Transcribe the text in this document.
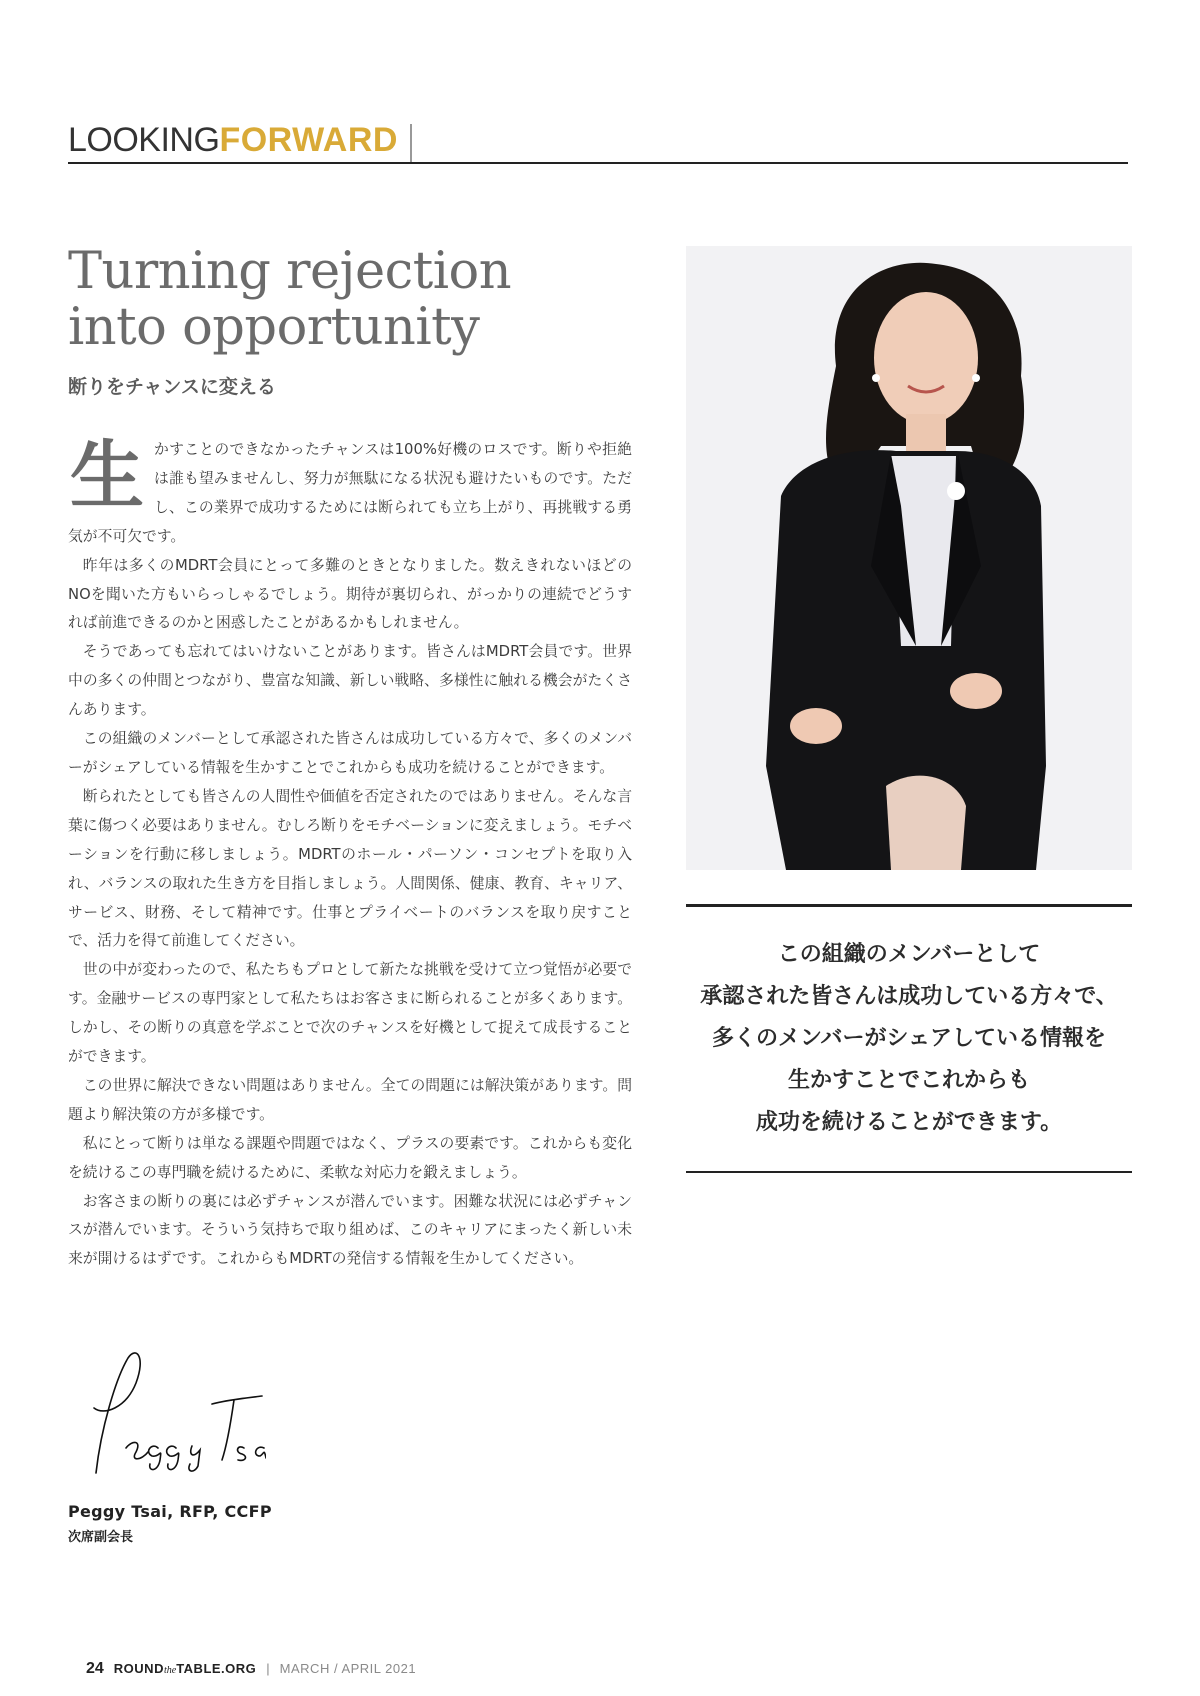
LOOKING FORWARD
Turning rejection
into opportunity
断りをチャンスに変える

生かすことのできなかったチャンスは100%好機のロスです。断りや拒絶は誰も望みませんし、努力が無駄になる状況も避けたいものです。ただし、この業界で成功するためには断られても立ち上がり、再挑戦する勇気が不可欠です。

昨年は多くのMDRT会員にとって多難のときとなりました。数えきれないほどのNOを聞いた方もいらっしゃるでしょう。期待が裏切られ、がっかりの連続でどうすれば前進できるのかと困惑したことがあるかもしれません。

そうであっても忘れてはいけないことがあります。皆さんはMDRT会員です。世界中の多くの仲間とつながり、豊富な知識、新しい戦略、多様性に触れる機会がたくさんあります。

この組織のメンバーとして承認された皆さんは成功している方々で、多くのメンバーがシェアしている情報を生かすことでこれからも成功を続けることができます。

断られたとしても皆さんの人間性や価値を否定されたのではありません。そんな言葉に傷つく必要はありません。むしろ断りをモチベーションに変えましょう。モチベーションを行動に移しましょう。MDRTのホール・パーソン・コンセプトを取り入れ、バランスの取れた生き方を目指しましょう。人間関係、健康、教育、キャリア、サービス、財務、そして精神です。仕事とプライベートのバランスを取り戻すことで、活力を得て前進してください。

世の中が変わったので、私たちもプロとして新たな挑戦を受けて立つ覚悟が必要です。金融サービスの専門家として私たちはお客さまに断られることが多くあります。しかし、その断りの真意を学ぶことで次のチャンスを好機として捉えて成長することができます。

この世界に解決できない問題はありません。全ての問題には解決策があります。問題より解決策の方が多様です。

私にとって断りは単なる課題や問題ではなく、プラスの要素です。これからも変化を続けるこの専門職を続けるために、柔軟な対応力を鍛えましょう。

お客さまの断りの裏には必ずチャンスが潜んでいます。困難な状況には必ずチャンスが潜んでいます。そういう気持ちで取り組めば、このキャリアにまったく新しい未来が開けるはずです。これからもMDRTの発信する情報を生かしてください。

この組織のメンバーとして
承認された皆さんは成功している方々で、
多くのメンバーがシェアしている情報を
生かすことでこれからも
成功を続けることができます。
Peggy Tsai, RFP, CCFP
次席副会長
24 ROUND the TABLE.ORG | MARCH / APRIL 2021
